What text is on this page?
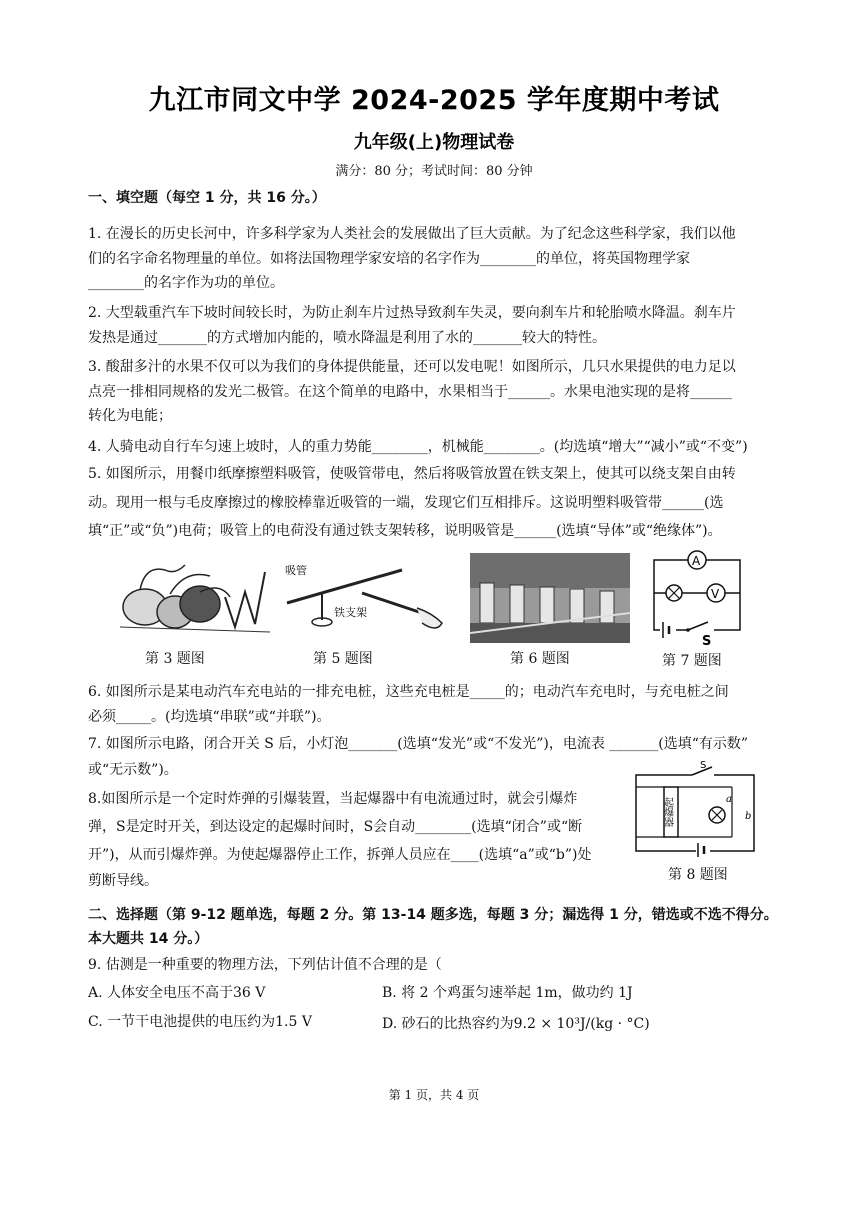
九江市同文中学 2024-2025 学年度期中考试
九年级(上)物理试卷
满分：80 分；考试时间：80 分钟
一、填空题（每空 1 分，共 16 分。）
1. 在漫长的历史长河中，许多科学家为人类社会的发展做出了巨大贡献。为了纪念这些科学家，我们以他
们的名字命名物理量的单位。如将法国物理学家安培的名字作为________的单位，将英国物理学家
________的名字作为功的单位。
2. 大型载重汽车下坡时间较长时，为防止刹车片过热导致刹车失灵，要向刹车片和轮胎喷水降温。刹车片
发热是通过_______的方式增加内能的，喷水降温是利用了水的_______较大的特性。
3. 酸甜多汁的水果不仅可以为我们的身体提供能量，还可以发电呢！如图所示，几只水果提供的电力足以
点亮一排相同规格的发光二极管。在这个简单的电路中，水果相当于______。水果电池实现的是将______
转化为电能；
4. 人骑电动自行车匀速上坡时，人的重力势能________，机械能________。(均选填“增大”“减小”或“不变”)
5. 如图所示，用餐巾纸摩擦塑料吸管，使吸管带电，然后将吸管放置在铁支架上，使其可以绕支架自由转
动。现用一根与毛皮摩擦过的橡胶棒靠近吸管的一端，发现它们互相排斥。这说明塑料吸管带______(选
填“正”或“负”)电荷；吸管上的电荷没有通过铁支架转移，说明吸管是______(选填“导体”或“绝缘体”)。
第 3 题图
吸管
铁支架
第 5 题图	第 6 题图
A
V
S
第 7 题图
6. 如图所示是某电动汽车充电站的一排充电桩，这些充电桩是_____的；电动汽车充电时，与充电桩之间
必须_____。(均选填“串联”或“并联”)。
7. 如图所示电路，闭合开关 S 后，小灯泡_______(选填“发光”或“不发光”)，电流表 _______(选填“有示数”
或“无示数”)。
8.如图所示是一个定时炸弹的引爆装置，当起爆器中有电流通过时，就会引爆炸
弹，S是定时开关，到达设定的起爆时间时，S会自动________(选填“闭合”或“断
开”)，从而引爆炸弹。为使起爆器停止工作，拆弹人员应在____(选填“a”或“b”)处
剪断导线。
S
起爆器	a
b
第 8 题图
二、选择题（第 9-12 题单选，每题 2 分。第 13-14 题多选，每题 3 分；漏选得 1 分，错选或不选不得分。
本大题共 14 分。）
9. 估测是一种重要的物理方法，下列估计值不合理的是（
A. 人体安全电压不高于36 V	B. 将 2 个鸡蛋匀速举起 1m，做功约 1J
C. 一节干电池提供的电压约为1.5 V	D. 砂石的比热容约为9.2 × 10³J/(kg · °C)
第 1 页，共 4 页
